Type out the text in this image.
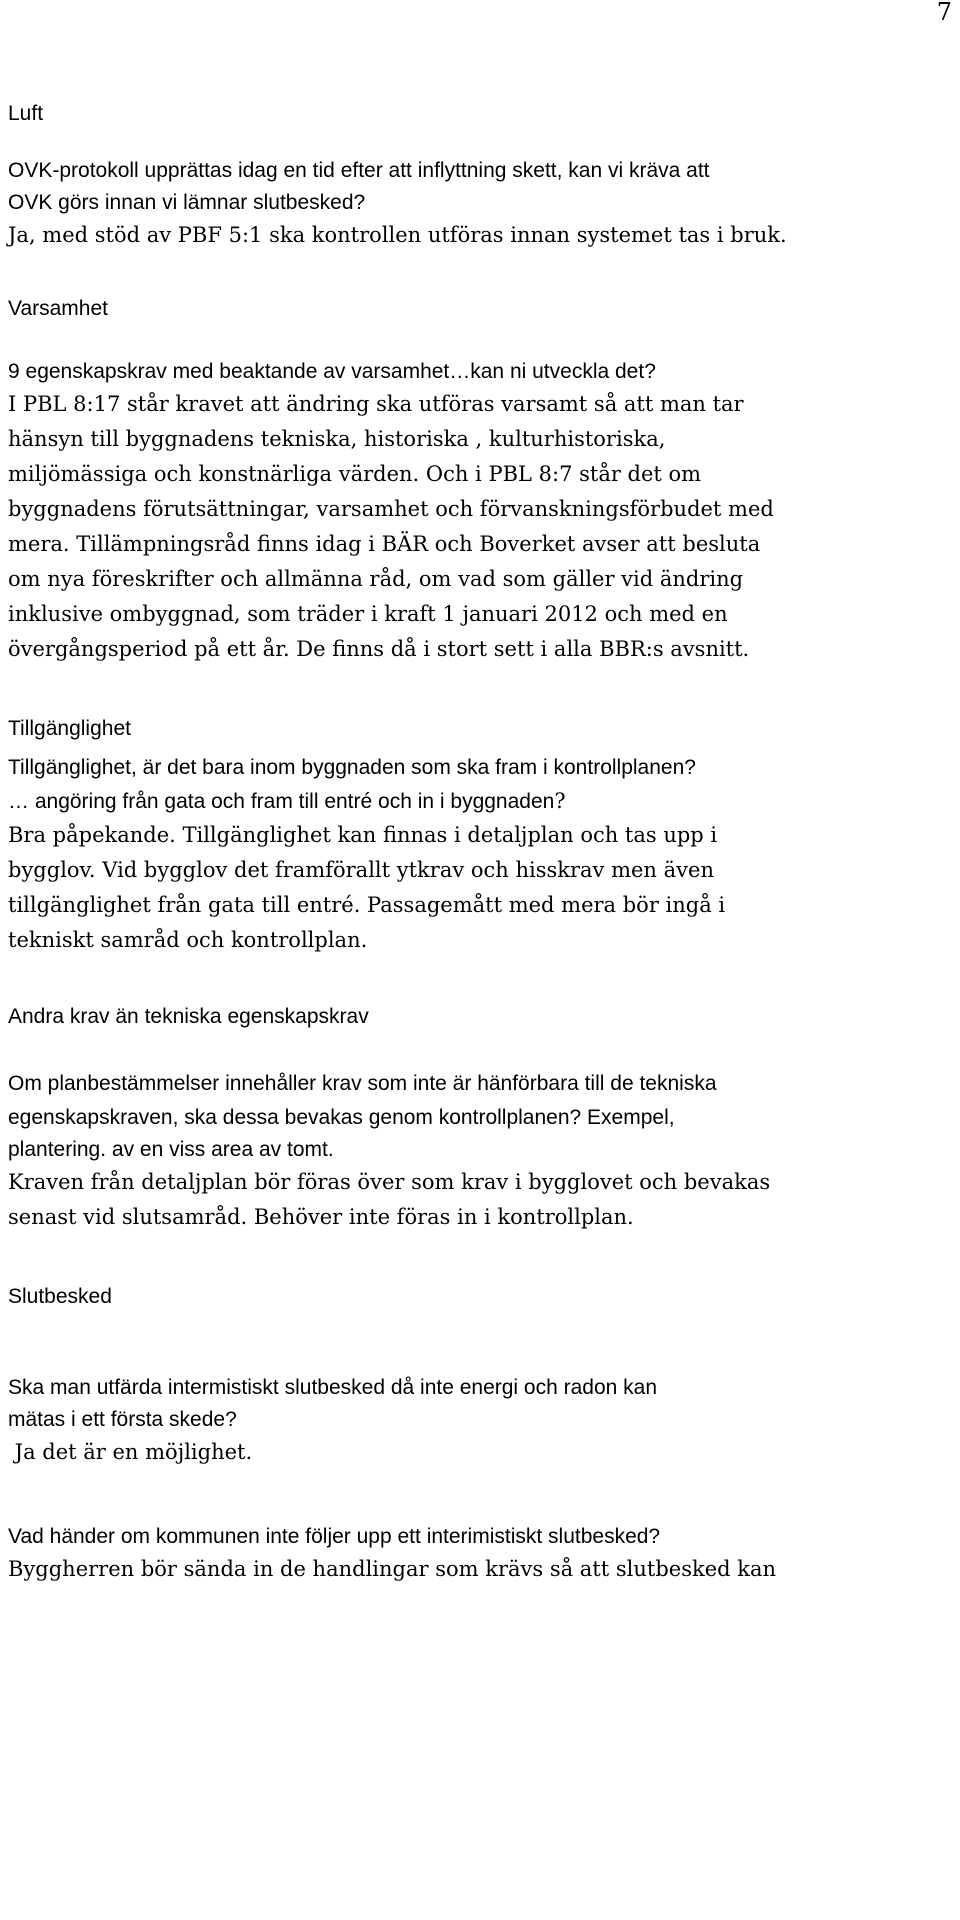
7

Luft

OVK-protokoll upprättas idag en tid efter att inflyttning skett, kan vi kräva att

OVK görs innan vi lämnar slutbesked?

Ja, med stöd av PBF 5:1 ska kontrollen utföras innan systemet tas i bruk.

Varsamhet

9 egenskapskrav med beaktande av varsamhet…kan ni utveckla det?

I PBL 8:17 står kravet att ändring ska utföras varsamt så att man tar

hänsyn till byggnadens tekniska, historiska , kulturhistoriska,

miljömässiga och konstnärliga värden. Och i PBL 8:7 står det om

byggnadens förutsättningar, varsamhet och förvanskningsförbudet med

mera. Tillämpningsråd finns idag i BÄR och Boverket avser att besluta

om nya föreskrifter och allmänna råd, om vad som gäller vid ändring

inklusive ombyggnad, som träder i kraft 1 januari 2012 och med en

övergångsperiod på ett år. De finns då i stort sett i alla BBR:s avsnitt.

Tillgänglighet

Tillgänglighet, är det bara inom byggnaden som ska fram i kontrollplanen?

… angöring från gata och fram till entré och in i byggnaden?

Bra påpekande. Tillgänglighet kan finnas i detaljplan och tas upp i

bygglov. Vid bygglov det framförallt ytkrav och hisskrav men även

tillgänglighet från gata till entré. Passagemått med mera bör ingå i

tekniskt samråd och kontrollplan.

Andra krav än tekniska egenskapskrav

Om planbestämmelser innehåller krav som inte är hänförbara till de tekniska

egenskapskraven, ska dessa bevakas genom kontrollplanen? Exempel,

plantering. av en viss area av tomt.

Kraven från detaljplan bör föras över som krav i bygglovet och bevakas

senast vid slutsamråd. Behöver inte föras in i kontrollplan.

Slutbesked

Ska man utfärda intermistiskt slutbesked då inte energi och radon kan

mätas i ett första skede?

Ja det är en möjlighet.

Vad händer om kommunen inte följer upp ett interimistiskt slutbesked?

Byggherren bör sända in de handlingar som krävs så att slutbesked kan
